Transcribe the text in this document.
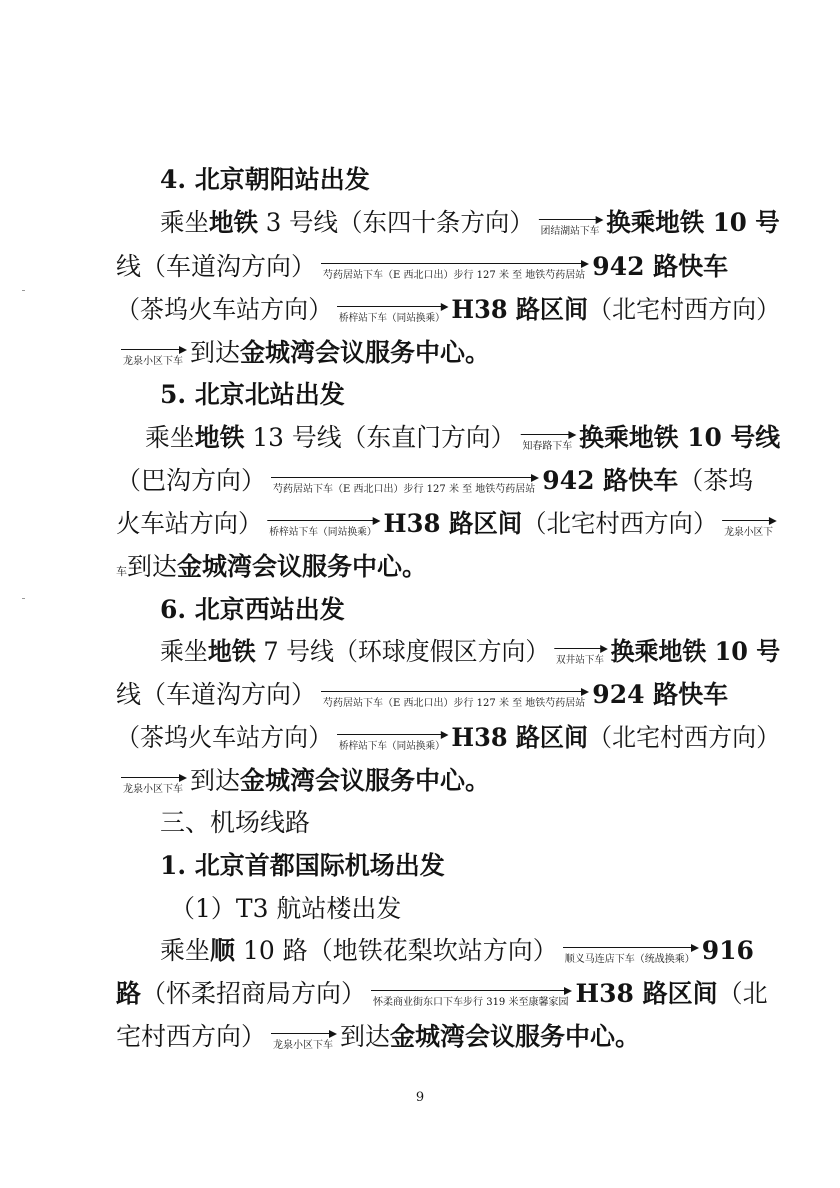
4. 北京朝阳站出发
乘坐地铁 3 号线（东四十条方向） 团结湖站下车 换乘地铁 10 号
线（车道沟方向） 芍药居站下车（E 西北口出）步行 127 米 至 地铁芍药居站 942 路快车
（茶坞火车站方向） 桥梓站下车（同站换乘） H38 路区间（北宅村西方向）
龙泉小区下车 到达金城湾会议服务中心。
5. 北京北站出发
乘坐地铁 13 号线（东直门方向） 知春路下车 换乘地铁 10 号线
（巴沟方向） 芍药居站下车（E 西北口出）步行 127 米 至 地铁芍药居站 942 路快车（茶坞
火车站方向） 桥梓站下车（同站换乘） H38 路区间（北宅村西方向） 龙泉小区下
车到达金城湾会议服务中心。
6. 北京西站出发
乘坐地铁 7 号线（环球度假区方向） 双井站下车 换乘地铁 10 号
线（车道沟方向） 芍药居站下车（E 西北口出）步行 127 米 至 地铁芍药居站 924 路快车
（茶坞火车站方向） 桥梓站下车（同站换乘） H38 路区间（北宅村西方向）
龙泉小区下车 到达金城湾会议服务中心。
三、机场线路
1. 北京首都国际机场出发
（1）T3 航站楼出发
乘坐顺 10 路（地铁花梨坎站方向） 顺义马连店下车（统战换乘） 916
路（怀柔招商局方向） 怀柔商业街东口下车步行 319 米至康馨家园 H38 路区间（北
宅村西方向） 龙泉小区下车 到达金城湾会议服务中心。
9
